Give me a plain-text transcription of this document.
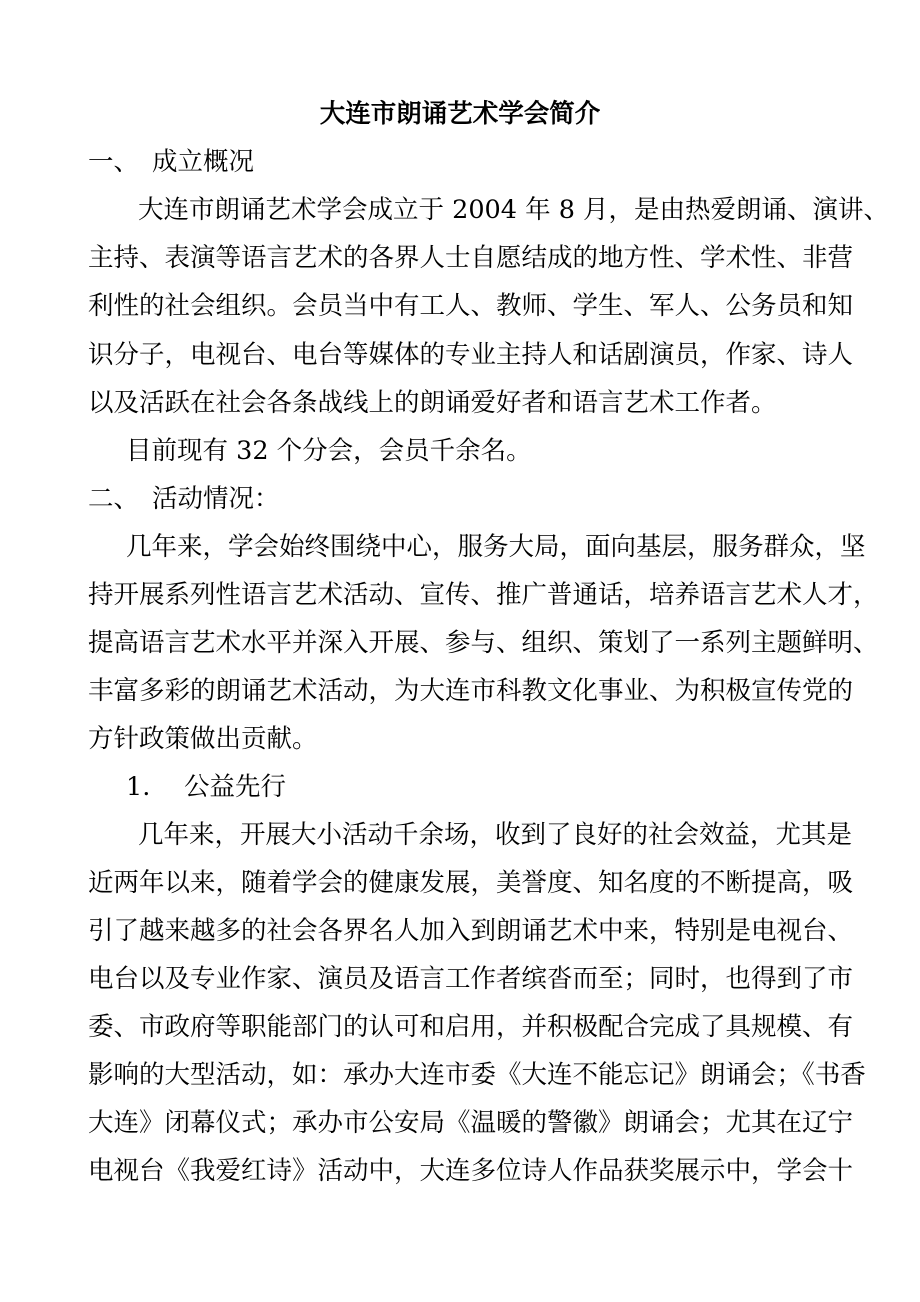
大连市朗诵艺术学会简介
一、 成立概况
大连市朗诵艺术学会成立于 2004 年 8 月，是由热爱朗诵、演讲、
主持、表演等语言艺术的各界人士自愿结成的地方性、学术性、非营
利性的社会组织。会员当中有工人、教师、学生、军人、公务员和知
识分子，电视台、电台等媒体的专业主持人和话剧演员，作家、诗人
以及活跃在社会各条战线上的朗诵爱好者和语言艺术工作者。
目前现有 32 个分会，会员千余名。
二、 活动情况：
几年来，学会始终围绕中心，服务大局，面向基层，服务群众，坚
持开展系列性语言艺术活动、宣传、推广普通话，培养语言艺术人才，
提高语言艺术水平并深入开展、参与、组织、策划了一系列主题鲜明、
丰富多彩的朗诵艺术活动，为大连市科教文化事业、为积极宣传党的
方针政策做出贡献。
1. 公益先行
几年来，开展大小活动千余场，收到了良好的社会效益，尤其是
近两年以来，随着学会的健康发展，美誉度、知名度的不断提高，吸
引了越来越多的社会各界名人加入到朗诵艺术中来，特别是电视台、
电台以及专业作家、演员及语言工作者缤沓而至；同时，也得到了市
委、市政府等职能部门的认可和启用，并积极配合完成了具规模、有
影响的大型活动，如：承办大连市委《大连不能忘记》朗诵会；《书香
大连》闭幕仪式；承办市公安局《温暖的警徽》朗诵会；尤其在辽宁
电视台《我爱红诗》活动中，大连多位诗人作品获奖展示中，学会十
